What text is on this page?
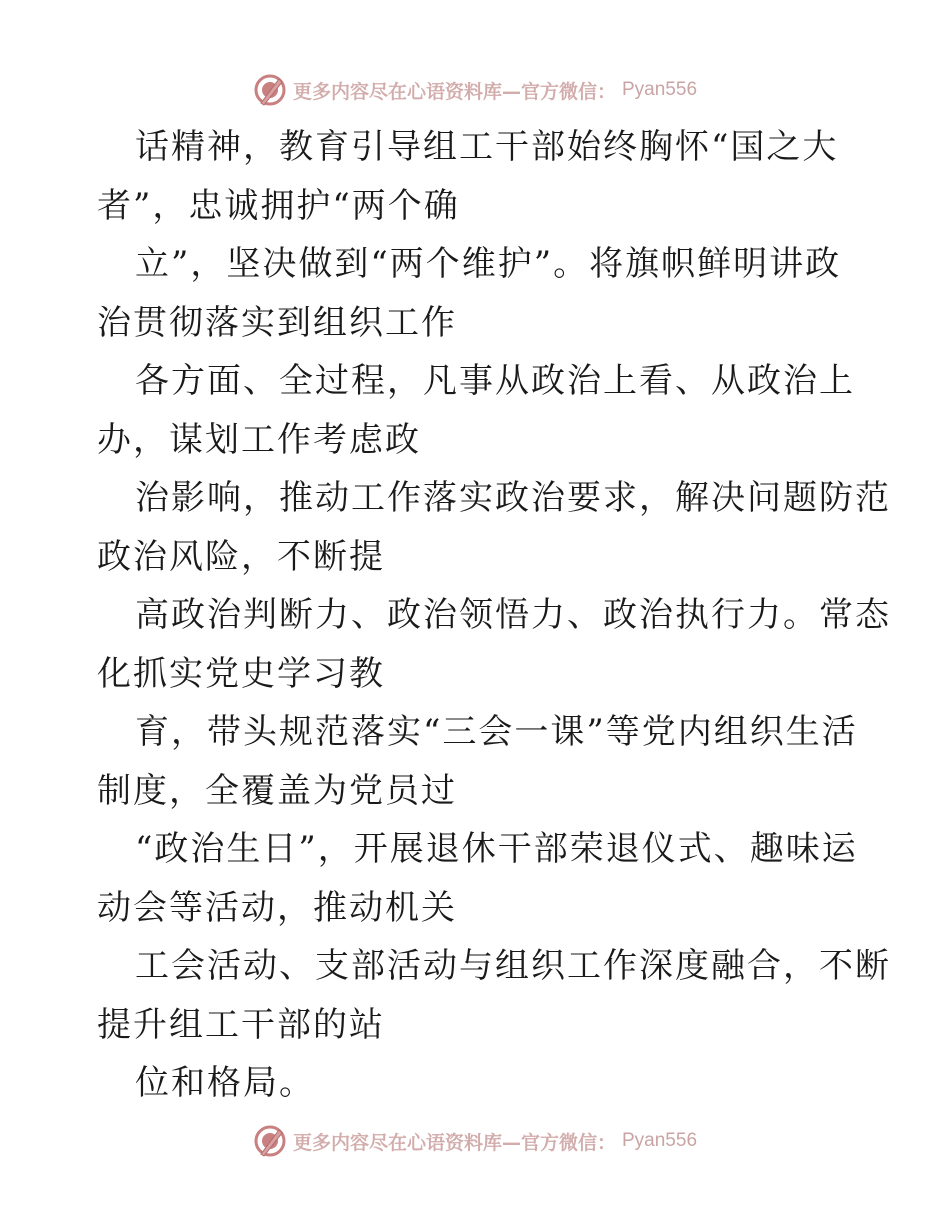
更多内容尽在心语资料库—官方微信： Pyan556

话精神，教育引导组工干部始终胸怀“国之大
者”，忠诚拥护“两个确

立”，坚决做到“两个维护”。将旗帜鲜明讲政
治贯彻落实到组织工作

各方面、全过程，凡事从政治上看、从政治上
办，谋划工作考虑政

治影响，推动工作落实政治要求，解决问题防范
政治风险，不断提

高政治判断力、政治领悟力、政治执行力。常态
化抓实党史学习教

育，带头规范落实“三会一课”等党内组织生活
制度，全覆盖为党员过

“政治生日”，开展退休干部荣退仪式、趣味运
动会等活动，推动机关

工会活动、支部活动与组织工作深度融合，不断
提升组工干部的站

位和格局。

更多内容尽在心语资料库—官方微信： Pyan556
